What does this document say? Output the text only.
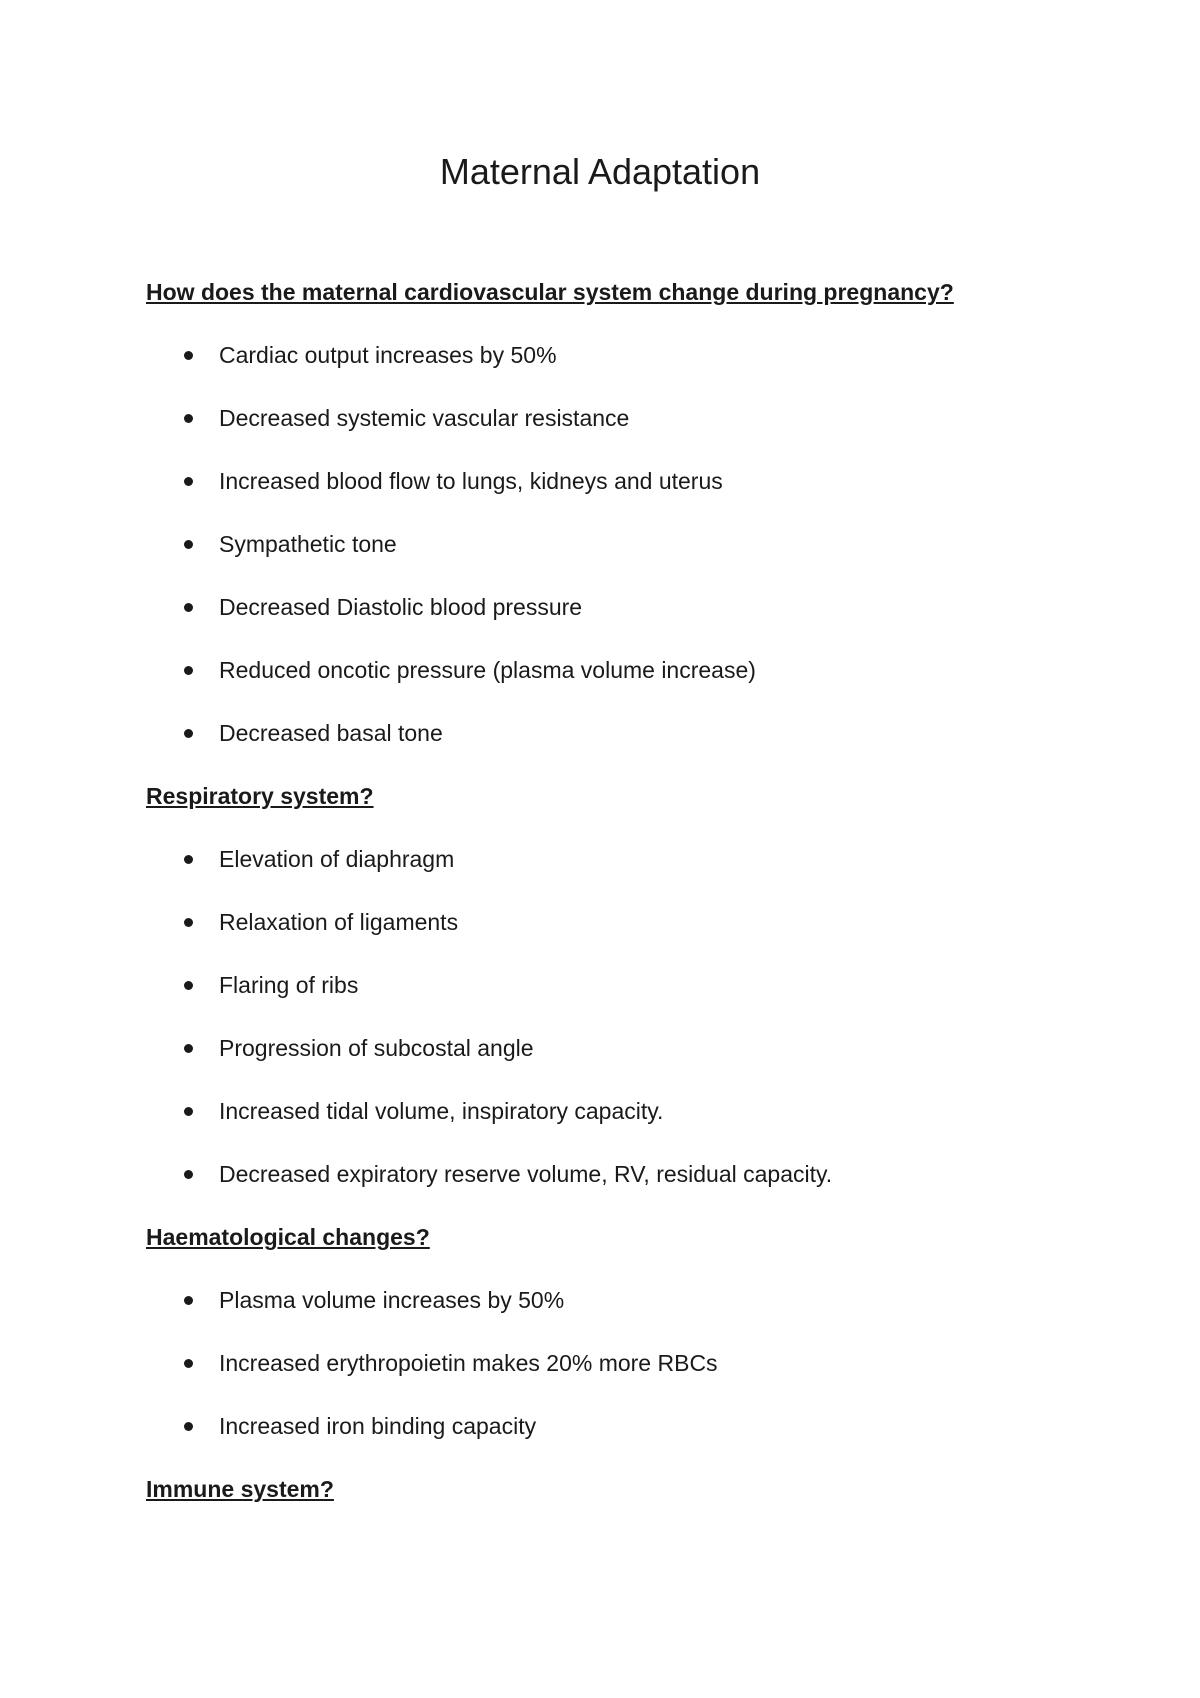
Maternal Adaptation
How does the maternal cardiovascular system change during pregnancy?
Cardiac output increases by 50%
Decreased systemic vascular resistance
Increased blood flow to lungs, kidneys and uterus
Sympathetic tone
Decreased Diastolic blood pressure
Reduced oncotic pressure (plasma volume increase)
Decreased basal tone
Respiratory system?
Elevation of diaphragm
Relaxation of ligaments
Flaring of ribs
Progression of subcostal angle
Increased tidal volume, inspiratory capacity.
Decreased expiratory reserve volume, RV, residual capacity.
Haematological changes?
Plasma volume increases by 50%
Increased erythropoietin makes 20% more RBCs
Increased iron binding capacity
Immune system?
